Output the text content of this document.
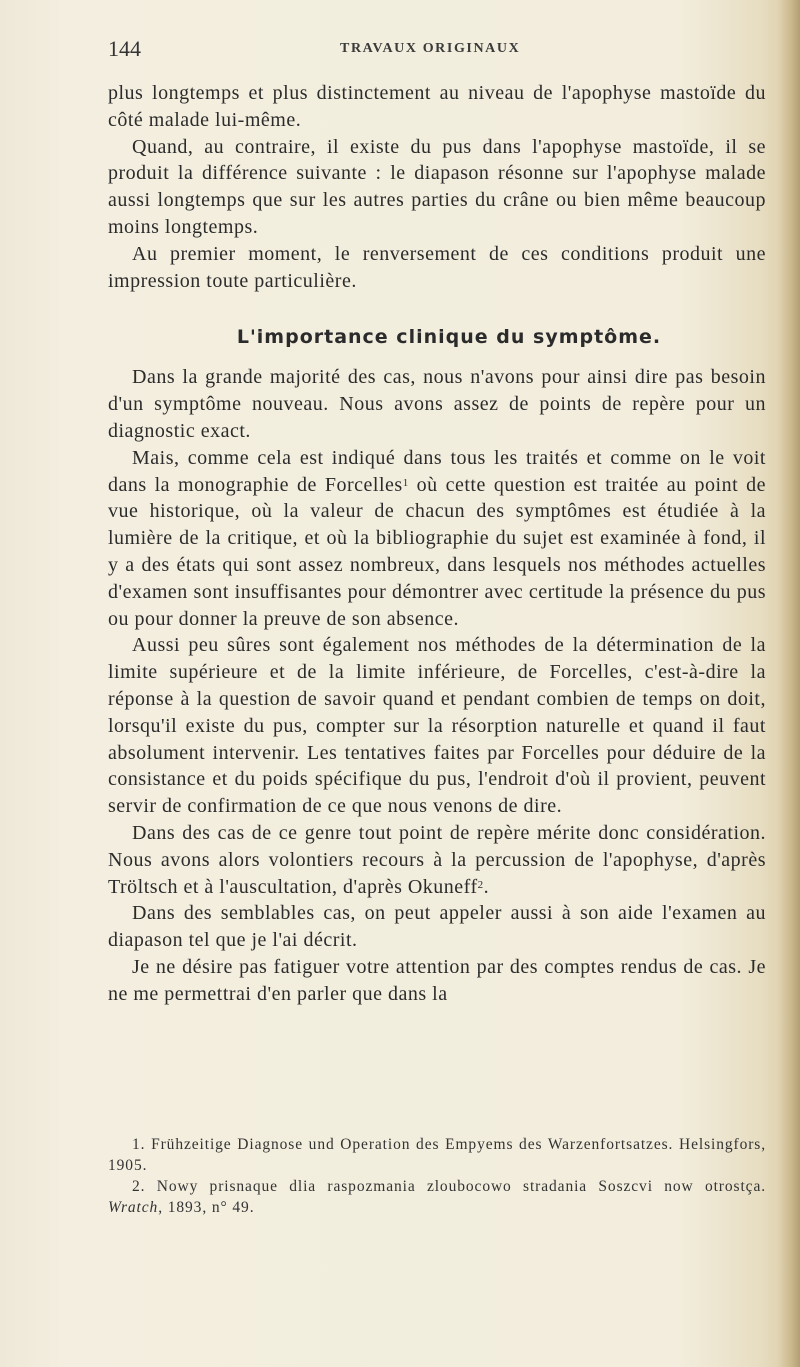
144	TRAVAUX ORIGINAUX

plus longtemps et plus distinctement au niveau de l'apophyse mastoïde du côté malade lui-même.

Quand, au contraire, il existe du pus dans l'apophyse mastoïde, il se produit la différence suivante : le diapason résonne sur l'apophyse malade aussi longtemps que sur les autres parties du crâne ou bien même beaucoup moins longtemps.

Au premier moment, le renversement de ces conditions produit une impression toute particulière.

L'importance clinique du symptôme.

Dans la grande majorité des cas, nous n'avons pour ainsi dire pas besoin d'un symptôme nouveau. Nous avons assez de points de repère pour un diagnostic exact.

Mais, comme cela est indiqué dans tous les traités et comme on le voit dans la monographie de Forcelles$^1$ où cette question est traitée au point de vue historique, où la valeur de chacun des symptômes est étudiée à la lumière de la critique, et où la bibliographie du sujet est examinée à fond, il y a des états qui sont assez nombreux, dans lesquels nos méthodes actuelles d'examen sont insuffisantes pour démontrer avec certitude la présence du pus ou pour donner la preuve de son absence.

Aussi peu sûres sont également nos méthodes de la détermination de la limite supérieure et de la limite inférieure, de Forcelles, c'est-à-dire la réponse à la question de savoir quand et pendant combien de temps on doit, lorsqu'il existe du pus, compter sur la résorption naturelle et quand il faut absolument intervenir. Les tentatives faites par Forcelles pour déduire de la consistance et du poids spécifique du pus, l'endroit d'où il provient, peuvent servir de confirmation de ce que nous venons de dire.

Dans des cas de ce genre tout point de repère mérite donc considération. Nous avons alors volontiers recours à la percussion de l'apophyse, d'après Tröltsch et à l'auscultation, d'après Okuneff$^2$.

Dans des semblables cas, on peut appeler aussi à son aide l'examen au diapason tel que je l'ai décrit.

Je ne désire pas fatiguer votre attention par des comptes rendus de cas. Je ne me permettrai d'en parler que dans la

1. Frühzeitige Diagnose und Operation des Empyems des Warzenfortsatzes. Helsingfors, 1905.

2. Nowy prisnaque dlia raspozmania zloubocowo stradania Soszcvi now otrostça. Wratch, 1893, n° 49.
